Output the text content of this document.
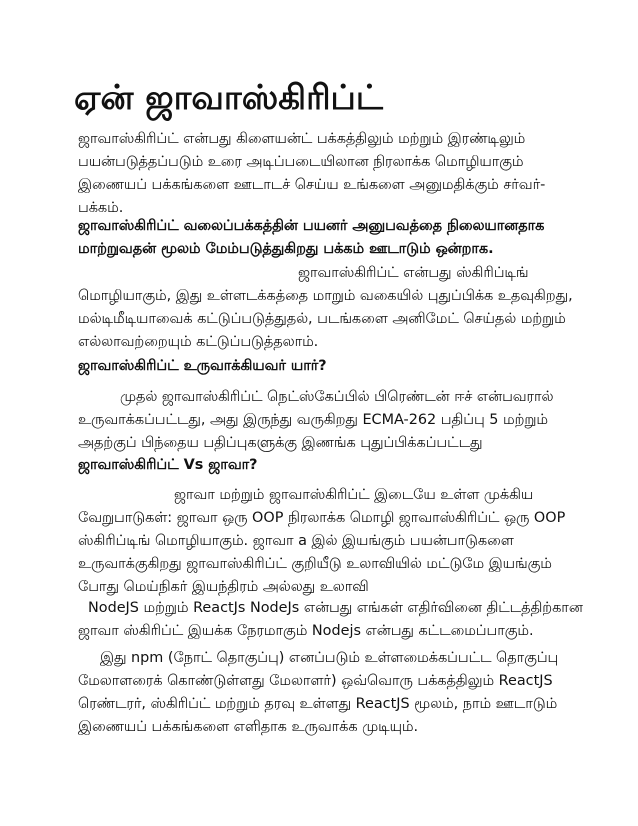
ஏன் ஜாவாஸ்கிரிப்ட்
ஜாவாஸ்கிரிப்ட் என்பது கிளையன்ட் பக்கத்திலும் மற்றும் இரண்டிலும்
பயன்படுத்தப்படும் உரை அடிப்படையிலான நிரலாக்க மொழியாகும்
இணையப் பக்கங்களை ஊடாடச் செய்ய உங்களை அனுமதிக்கும் சர்வர்-
பக்கம்.
ஜாவாஸ்கிரிப்ட் வலைப்பக்கத்தின் பயனர் அனுபவத்தை நிலையானதாக
மாற்றுவதன் மூலம் மேம்படுத்துகிறது பக்கம் ஊடாடும் ஒன்றாக.
ஜாவாஸ்கிரிப்ட் என்பது ஸ்கிரிப்டிங்
மொழியாகும், இது உள்ளடக்கத்தை மாறும் வகையில் புதுப்பிக்க உதவுகிறது,
மல்டிமீடியாவைக் கட்டுப்படுத்துதல், படங்களை அனிமேட் செய்தல் மற்றும்
எல்லாவற்றையும் கட்டுப்படுத்தலாம்.
ஜாவாஸ்கிரிப்ட் உருவாக்கியவர் யார்?
முதல் ஜாவாஸ்கிரிப்ட் நெட்ஸ்கேப்பில் பிரெண்டன் ஈச் என்பவரால்
உருவாக்கப்பட்டது, அது இருந்து வருகிறது ECMA-262 பதிப்பு 5 மற்றும்
அதற்குப் பிந்தைய பதிப்புகளுக்கு இணங்க புதுப்பிக்கப்பட்டது
ஜாவாஸ்கிரிப்ட் Vs ஜாவா?
ஜாவா மற்றும் ஜாவாஸ்கிரிப்ட் இடையே உள்ள முக்கிய
வேறுபாடுகள்: ஜாவா ஒரு OOP நிரலாக்க மொழி ஜாவாஸ்கிரிப்ட் ஒரு OOP
ஸ்கிரிப்டிங் மொழியாகும். ஜாவா a இல் இயங்கும் பயன்பாடுகளை
உருவாக்குகிறது ஜாவாஸ்கிரிப்ட் குறியீடு உலாவியில் மட்டுமே இயங்கும்
போது மெய்நிகர் இயந்திரம் அல்லது உலாவி
NodeJS மற்றும் ReactJs NodeJs என்பது எங்கள் எதிர்வினை திட்டத்திற்கான
ஜாவா ஸ்கிரிப்ட் இயக்க நேரமாகும் Nodejs என்பது கட்டமைப்பாகும்.
இது npm (நோட் தொகுப்பு) எனப்படும் உள்ளமைக்கப்பட்ட தொகுப்பு
மேலாளரைக் கொண்டுள்ளது மேலாளர்) ஒவ்வொரு பக்கத்திலும் ReactJS
ரெண்டரர், ஸ்கிரிப்ட் மற்றும் தரவு உள்ளது ReactJS மூலம், நாம் ஊடாடும்
இணையப் பக்கங்களை எளிதாக உருவாக்க முடியும்.
